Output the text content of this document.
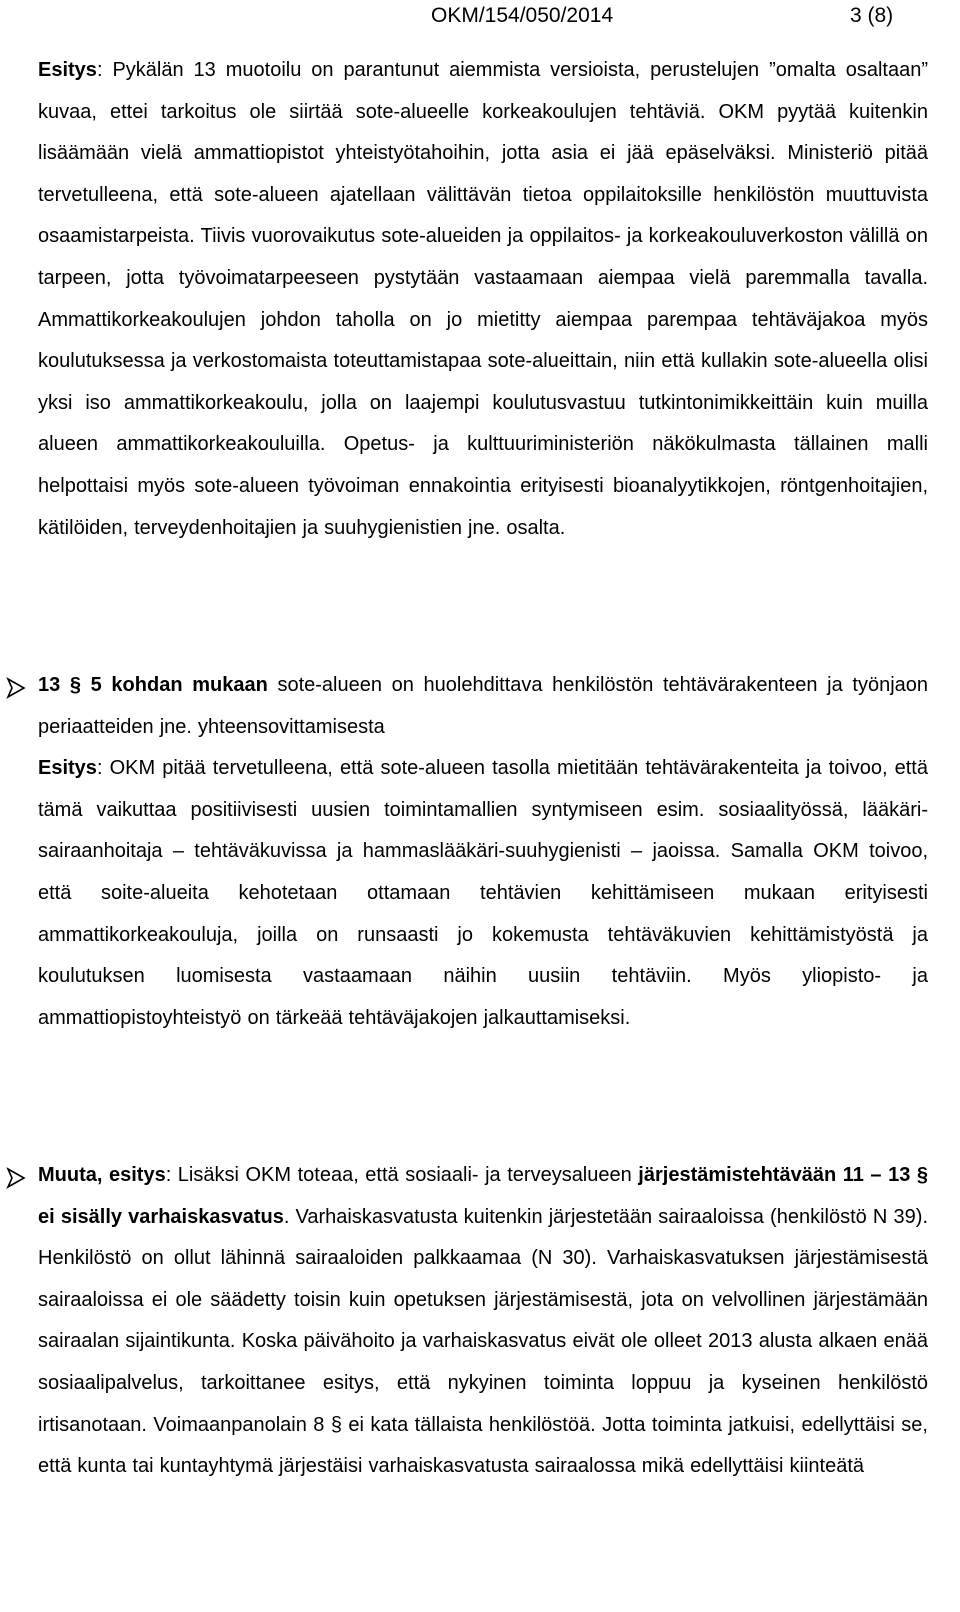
OKM/154/050/2014	3 (8)
Esitys: Pykälän 13 muotoilu on parantunut aiemmista versioista, perustelujen ”omalta osaltaan” kuvaa, ettei tarkoitus ole siirtää sote-alueelle korkeakoulujen tehtäviä. OKM pyytää kuitenkin lisäämään vielä ammattiopistot yhteistyötahoihin, jotta asia ei jää epäselväksi. Ministeriö pitää tervetulleena, että sote-alueen ajatellaan välittävän tietoa oppilaitoksille henkilöstön muuttuvista osaamistarpeista. Tiivis vuorovaikutus sote-alueiden ja oppilaitos- ja korkeakouluverkoston välillä on tarpeen, jotta työvoimatarpeeseen pystytään vastaamaan aiempaa vielä paremmalla tavalla. Ammattikorkeakoulujen johdon taholla on jo mietitty aiempaa parempaa tehtäväjakoa myös koulutuksessa ja verkostomaista toteuttamistapaa sote-alueittain, niin että kullakin sote-alueella olisi yksi iso ammattikorkeakoulu, jolla on laajempi koulutusvastuu tutkintonimikkeittäin kuin muilla alueen ammattikorkeakouluilla. Opetus- ja kulttuuriministeriön näkökulmasta tällainen malli helpottaisi myös sote-alueen työvoiman ennakointia erityisesti bioanalyytikkojen, röntgenhoitajien, kätilöiden, terveydenhoitajien ja suuhygienistien jne. osalta.
13 § 5 kohdan mukaan sote-alueen on huolehdittava henkilöstön tehtävärakenteen ja työnjaon periaatteiden jne. yhteensovittamisesta
Esitys: OKM pitää tervetulleena, että sote-alueen tasolla mietitään tehtävärakenteita ja toivoo, että tämä vaikuttaa positiivisesti uusien toimintamallien syntymiseen esim. sosiaalityössä, lääkäri-sairaanhoitaja – tehtäväkuvissa ja hammaslääkäri-suuhygienisti – jaoissa. Samalla OKM toivoo, että soite-alueita kehotetaan ottamaan tehtävien kehittämiseen mukaan erityisesti ammattikorkeakouluja, joilla on runsaasti jo kokemusta tehtäväkuvien kehittämistyöstä ja koulutuksen luomisesta vastaamaan näihin uusiin tehtäviin. Myös yliopisto- ja ammattiopistoyhteistyö on tärkeää tehtäväjakojen jalkauttamiseksi.
Muuta, esitys: Lisäksi OKM toteaa, että sosiaali- ja terveysalueen järjestämistehtävään 11 – 13 § ei sisälly varhaiskasvatus. Varhaiskasvatusta kuitenkin järjestetään sairaaloissa (henkilöstö N 39). Henkilöstö on ollut lähinnä sairaaloiden palkkaamaa (N 30). Varhaiskasvatuksen järjestämisestä sairaaloissa ei ole säädetty toisin kuin opetuksen järjestämisestä, jota on velvollinen järjestämään sairaalan sijaintikunta. Koska päivähoito ja varhaiskasvatus eivät ole olleet 2013 alusta alkaen enää sosiaalipalvelus, tarkoittanee esitys, että nykyinen toiminta loppuu ja kyseinen henkilöstö irtisanotaan. Voimaanpanolain 8 § ei kata tällaista henkilöstöä. Jotta toiminta jatkuisi, edellyttäisi se, että kunta tai kuntayhtymä järjestäisi varhaiskasvatusta sairaalossa mikä edellyttäisi kiinteätä
